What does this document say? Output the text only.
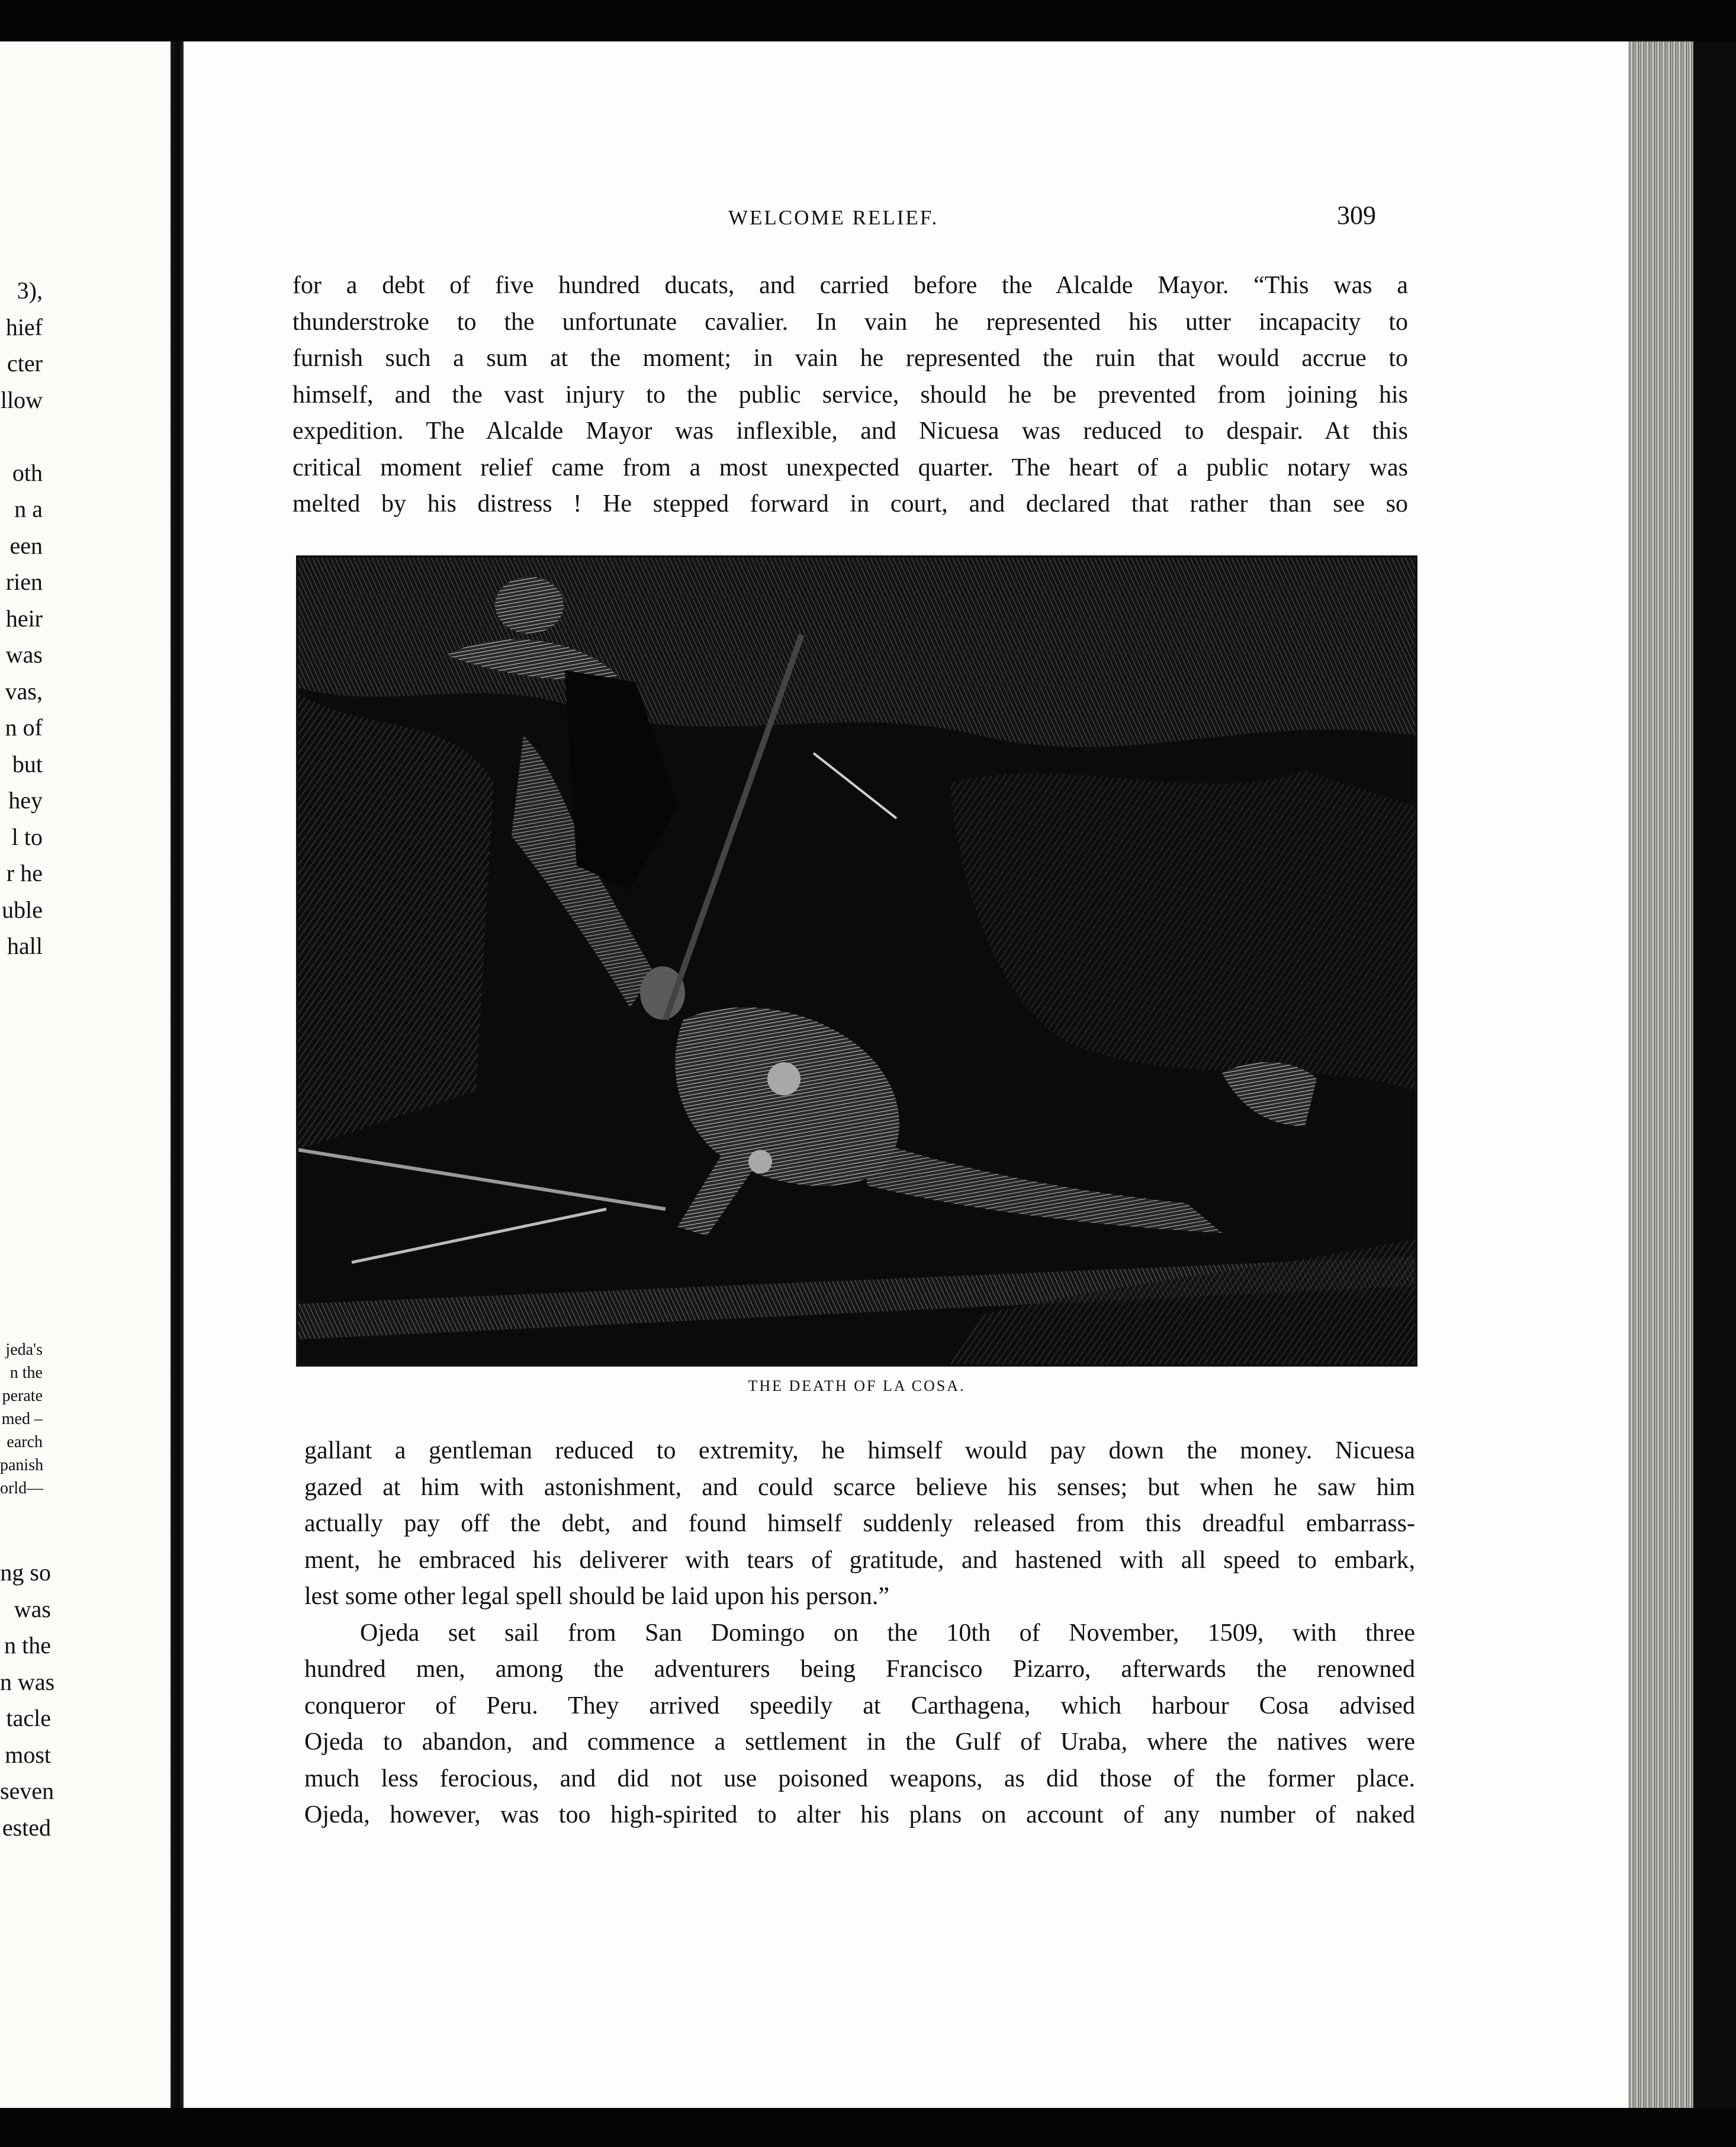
3),
hief
cter
llow

oth
n a
een
rien
heir
was
vas,
n of
but
hey
l to
r he
uble
hall
jeda's
n the
perate
med –
earch
panish
orld—
ng so
was
n the
n was
tacle
most
seven
ested
WELCOME RELIEF.	309
for a debt of five hundred ducats, and carried before the Alcalde Mayor. “This was a
thunderstroke to the unfortunate cavalier. In vain he represented his utter incapacity to
furnish such a sum at the moment; in vain he represented the ruin that would accrue to
himself, and the vast injury to the public service, should he be prevented from joining his
expedition. The Alcalde Mayor was inflexible, and Nicuesa was reduced to despair. At this
critical moment relief came from a most unexpected quarter. The heart of a public notary was
melted by his distress ! He stepped forward in court, and declared that rather than see so
THE DEATH OF LA COSA.
gallant a gentleman reduced to extremity, he himself would pay down the money. Nicuesa
gazed at him with astonishment, and could scarce believe his senses; but when he saw him
actually pay off the debt, and found himself suddenly released from this dreadful embarrass-
ment, he embraced his deliverer with tears of gratitude, and hastened with all speed to embark,
lest some other legal spell should be laid upon his person.”
Ojeda set sail from San Domingo on the 10th of November, 1509, with three
hundred men, among the adventurers being Francisco Pizarro, afterwards the renowned
conqueror of Peru. They arrived speedily at Carthagena, which harbour Cosa advised
Ojeda to abandon, and commence a settlement in the Gulf of Uraba, where the natives were
much less ferocious, and did not use poisoned weapons, as did those of the former place.
Ojeda, however, was too high-spirited to alter his plans on account of any number of naked
